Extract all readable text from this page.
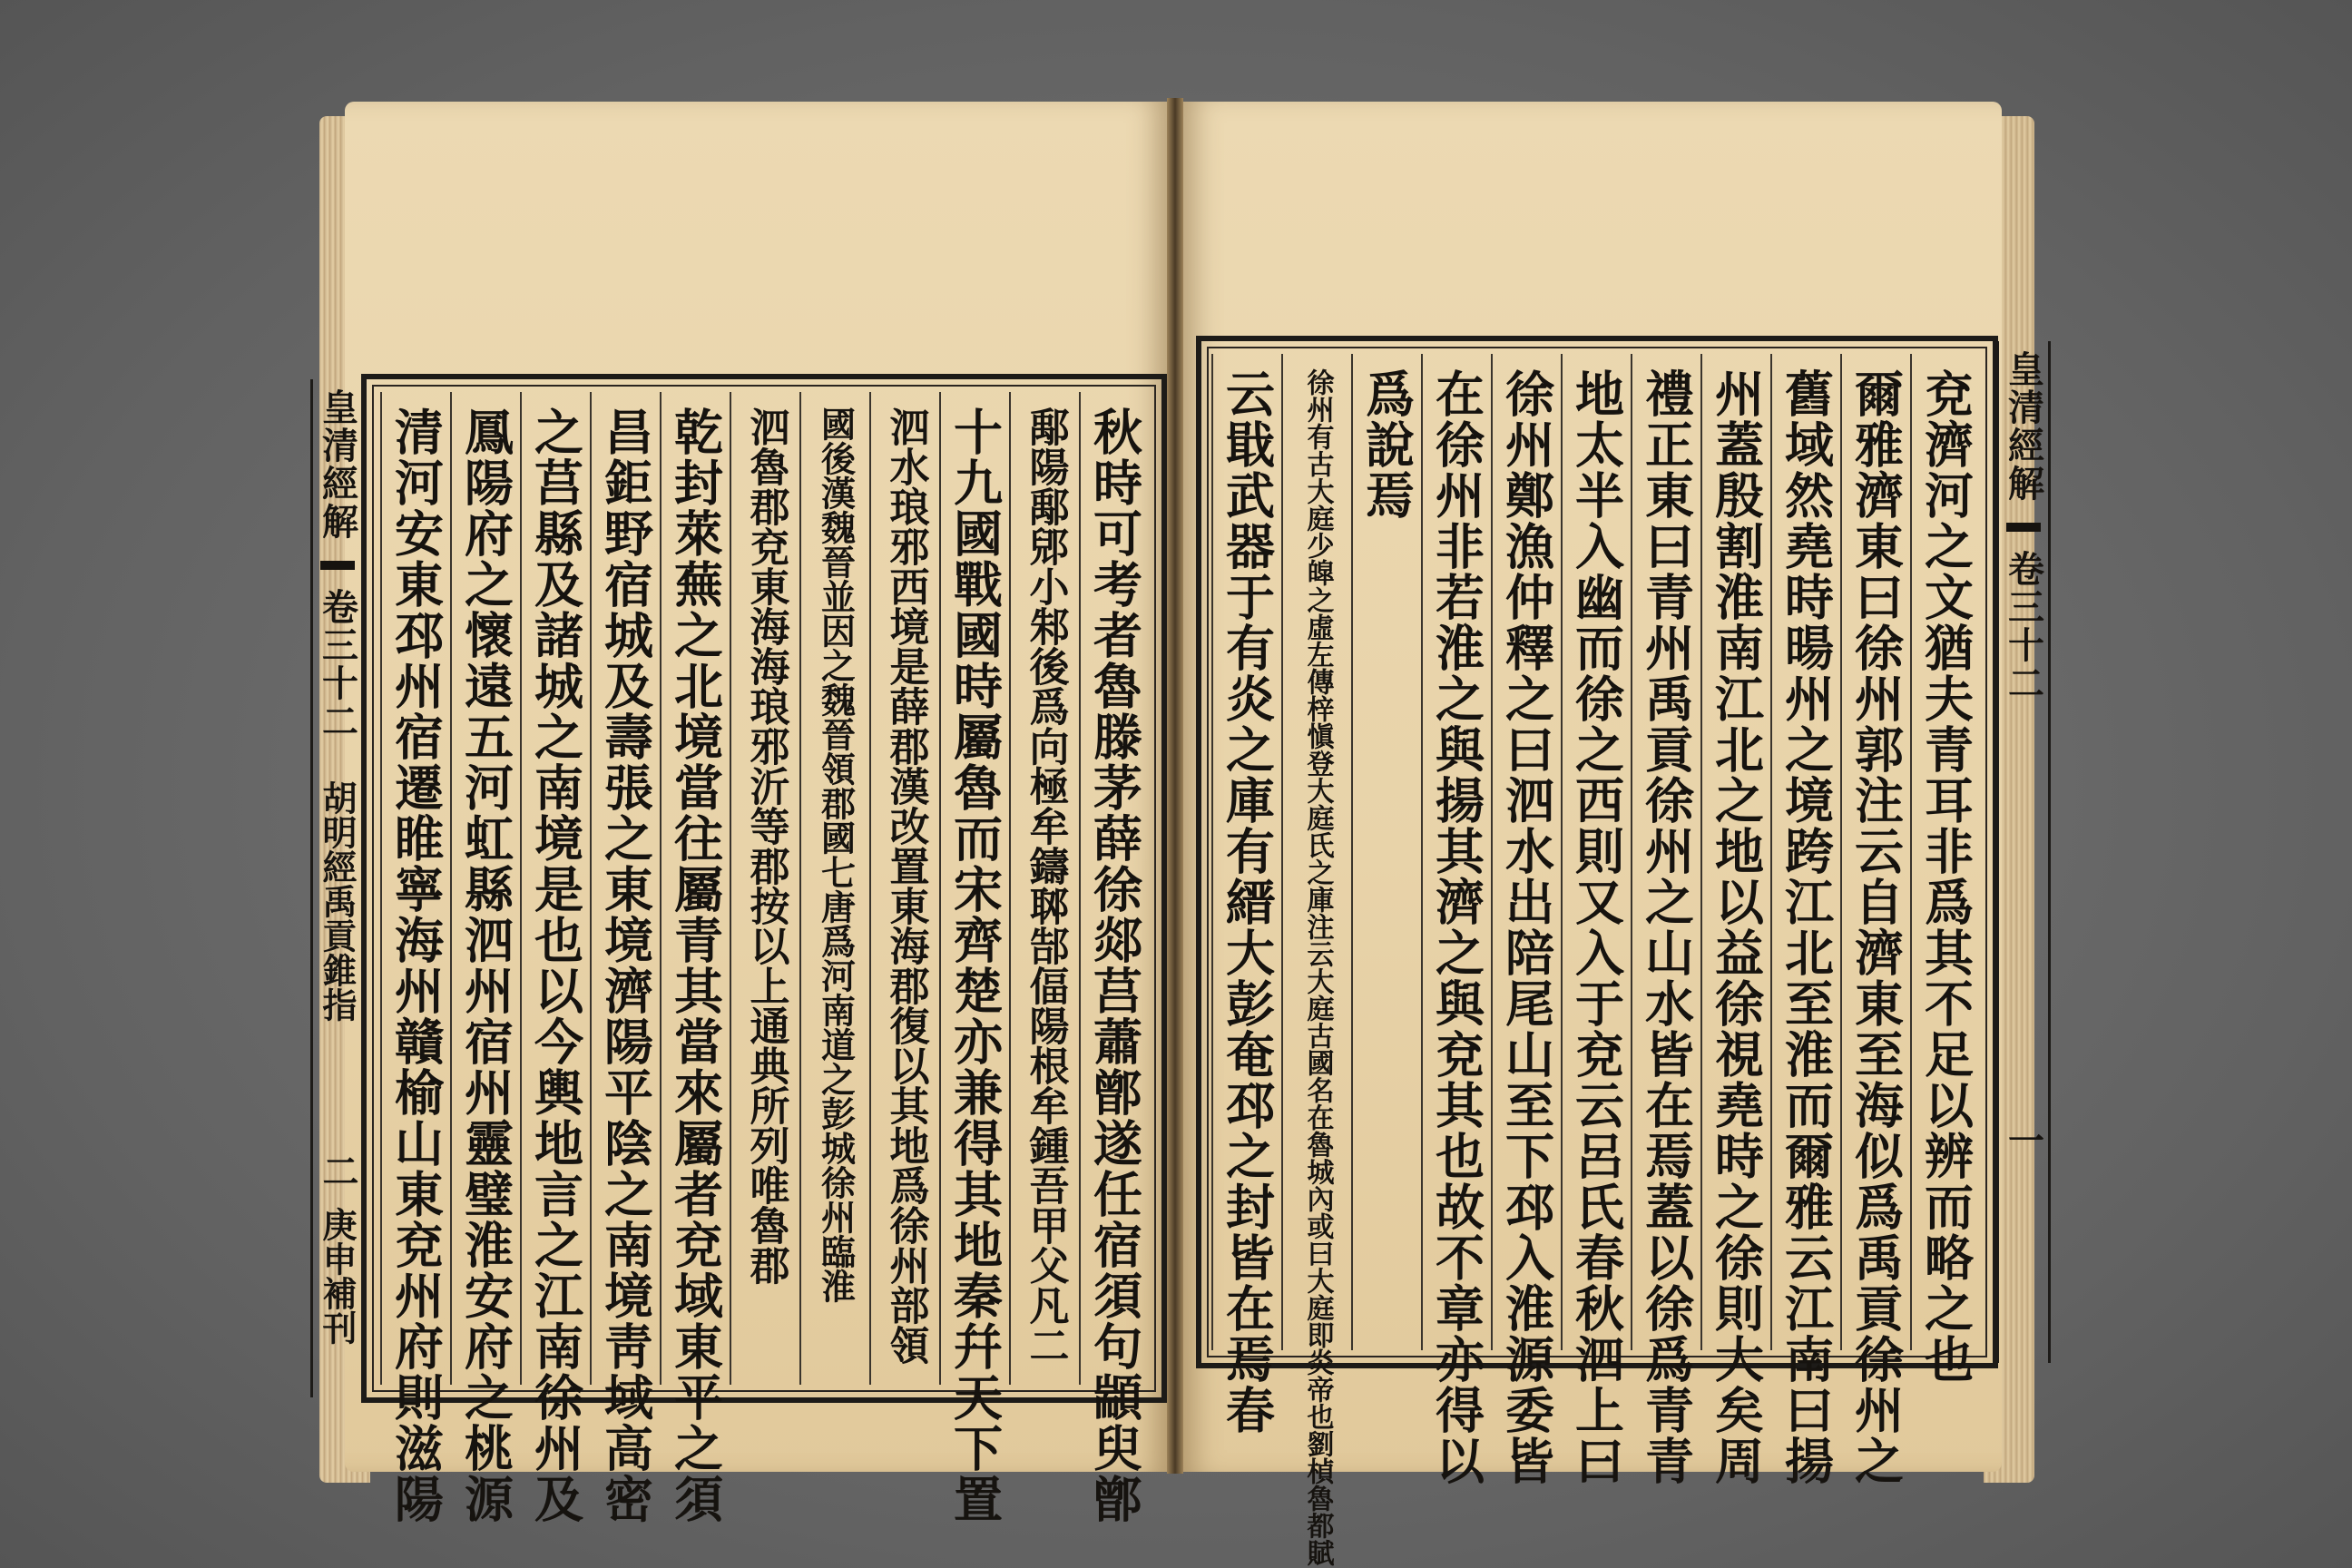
皇清經解
卷三十二	秋時可考者魯滕茅薛徐郯莒蕭鄫遂任宿須句顓臾鄫
鄅陽鄅郳小邾後爲向極牟鑄郰郜偪陽根牟鍾吾甲父凡二
十九國戰國時屬魯而宋齊楚亦兼得其地秦幷天下置
泗水琅邪西境是薛郡漢改置東海郡復以其地爲徐州部領
國後漢魏晉並因之魏晉領郡國七唐爲河南道之彭城徐州臨淮
泗魯郡兗東海海琅邪沂等郡按以上通典所列唯魯郡
乾封萊蕪之北境當往屬青其當來屬者兗域東平之須
昌鉅野宿城及壽張之東境濟陽平陰之南境靑域高密
之莒縣及諸城之南境是也以今輿地言之江南徐州及
鳳陽府之懷遠五河虹縣泗州宿州靈璧淮安府之桃源
清河安東邳州宿遷睢寧海州贛榆山東兗州府則滋陽
胡明經禹貢錐指
二
庚申補刊
皇清經解
卷三十二
一
兗濟河之文猶夫青耳非爲其不足以辨而略之也
爾雅濟東曰徐州郭注云自濟東至海似爲禹貢徐州之
舊域然堯時暘州之境跨江北至淮而爾雅云江南曰揚
州蓋殷割淮南江北之地以益徐視堯時之徐則大矣周
禮正東曰青州禹貢徐州之山水皆在焉蓋以徐爲青青
地太半入幽而徐之西則又入于兗云呂氏春秋泗上曰
徐州鄭漁仲釋之曰泗水出陪尾山至下邳入淮源委皆
在徐州非若淮之與揚其濟之與兗其也故不章亦得以
爲說焉
徐州有古大庭少皡之虛左傳梓愼登大庭氏之庫注云大庭古國名在魯城內或曰大庭即炎帝也劉楨魯都賦
云戢武器于有炎之庫有縉大彭奄邳之封皆在焉春
